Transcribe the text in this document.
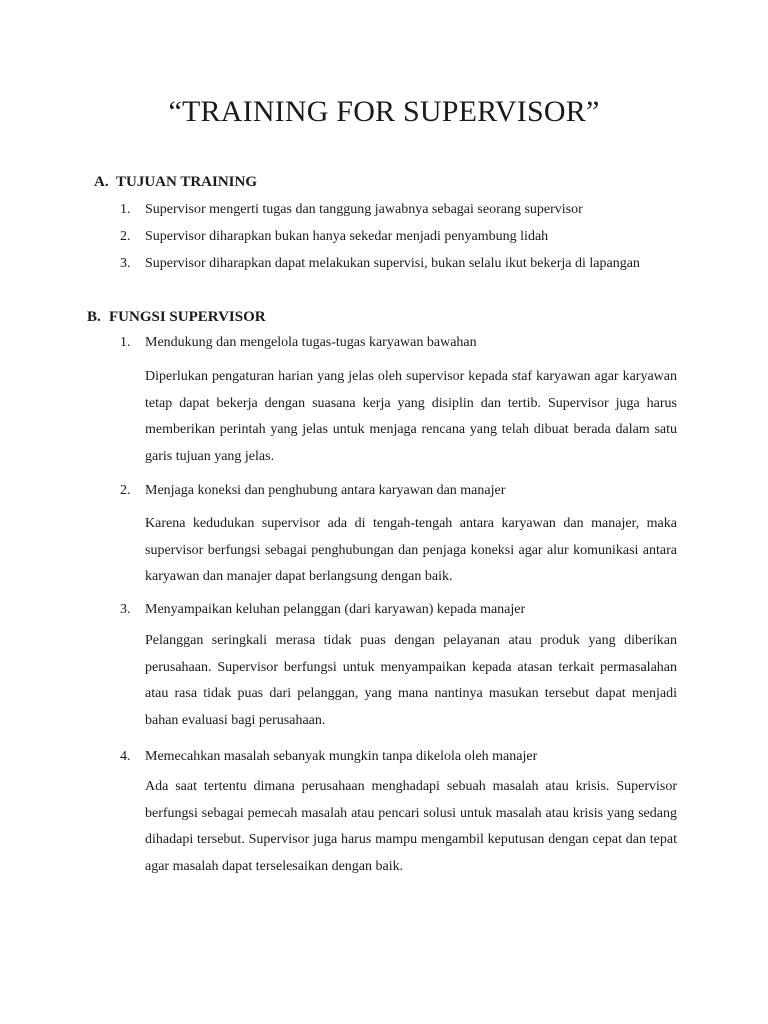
“TRAINING FOR SUPERVISOR”
A. TUJUAN TRAINING
1. Supervisor mengerti tugas dan tanggung jawabnya sebagai seorang supervisor
2. Supervisor diharapkan bukan hanya sekedar menjadi penyambung lidah
3. Supervisor diharapkan dapat melakukan supervisi, bukan selalu ikut bekerja di lapangan
B. FUNGSI SUPERVISOR
1. Mendukung dan mengelola tugas-tugas karyawan bawahan
Diperlukan pengaturan harian yang jelas oleh supervisor kepada staf karyawan agar karyawan tetap dapat bekerja dengan suasana kerja yang disiplin dan tertib. Supervisor juga harus memberikan perintah yang jelas untuk menjaga rencana yang telah dibuat berada dalam satu garis tujuan yang jelas.
2. Menjaga koneksi dan penghubung antara karyawan dan manajer
Karena kedudukan supervisor ada di tengah-tengah antara karyawan dan manajer, maka supervisor berfungsi sebagai penghubungan dan penjaga koneksi agar alur komunikasi antara karyawan dan manajer dapat berlangsung dengan baik.
3. Menyampaikan keluhan pelanggan (dari karyawan) kepada manajer
Pelanggan seringkali merasa tidak puas dengan pelayanan atau produk yang diberikan perusahaan. Supervisor berfungsi untuk menyampaikan kepada atasan terkait permasalahan atau rasa tidak puas dari pelanggan, yang mana nantinya masukan tersebut dapat menjadi bahan evaluasi bagi perusahaan.
4. Memecahkan masalah sebanyak mungkin tanpa dikelola oleh manajer
Ada saat tertentu dimana perusahaan menghadapi sebuah masalah atau krisis. Supervisor berfungsi sebagai pemecah masalah atau pencari solusi untuk masalah atau krisis yang sedang dihadapi tersebut. Supervisor juga harus mampu mengambil keputusan dengan cepat dan tepat agar masalah dapat terselesaikan dengan baik.
